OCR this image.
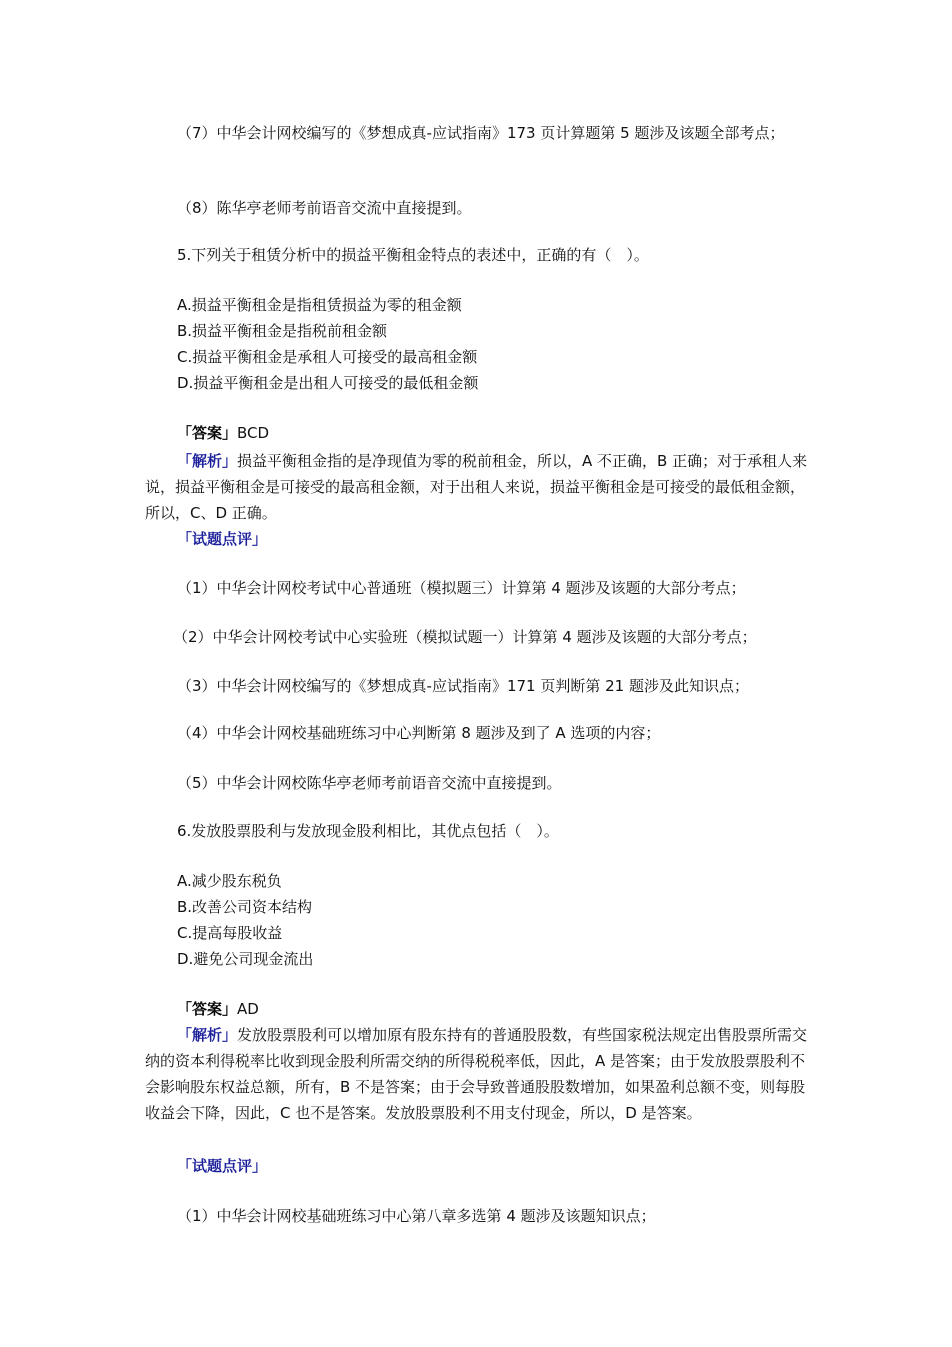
（7）中华会计网校编写的《梦想成真-应试指南》173 页计算题第 5 题涉及该题全部考点；

（8）陈华亭老师考前语音交流中直接提到。

5.下列关于租赁分析中的损益平衡租金特点的表述中，正确的有（　）。

A.损益平衡租金是指租赁损益为零的租金额
B.损益平衡租金是指税前租金额
C.损益平衡租金是承租人可接受的最高租金额
D.损益平衡租金是出租人可接受的最低租金额

「答案」BCD

「解析」损益平衡租金指的是净现值为零的税前租金，所以，A 不正确，B 正确；对于承租人来说，损益平衡租金是可接受的最高租金额，对于出租人来说，损益平衡租金是可接受的最低租金额，所以，C、D 正确。

「试题点评」

（1）中华会计网校考试中心普通班（模拟题三）计算第 4 题涉及该题的大部分考点；

（2）中华会计网校考试中心实验班（模拟试题一）计算第 4 题涉及该题的大部分考点；

（3）中华会计网校编写的《梦想成真-应试指南》171 页判断第 21 题涉及此知识点；

（4）中华会计网校基础班练习中心判断第 8 题涉及到了 A 选项的内容；

（5）中华会计网校陈华亭老师考前语音交流中直接提到。

6.发放股票股利与发放现金股利相比，其优点包括（　）。

A.减少股东税负
B.改善公司资本结构
C.提高每股收益
D.避免公司现金流出

「答案」AD

「解析」发放股票股利可以增加原有股东持有的普通股股数，有些国家税法规定出售股票所需交纳的资本利得税率比收到现金股利所需交纳的所得税税率低，因此，A 是答案；由于发放股票股利不会影响股东权益总额，所有，B 不是答案；由于会导致普通股股数增加，如果盈利总额不变，则每股收益会下降，因此，C 也不是答案。发放股票股利不用支付现金，所以，D 是答案。

「试题点评」

（1）中华会计网校基础班练习中心第八章多选第 4 题涉及该题知识点；
